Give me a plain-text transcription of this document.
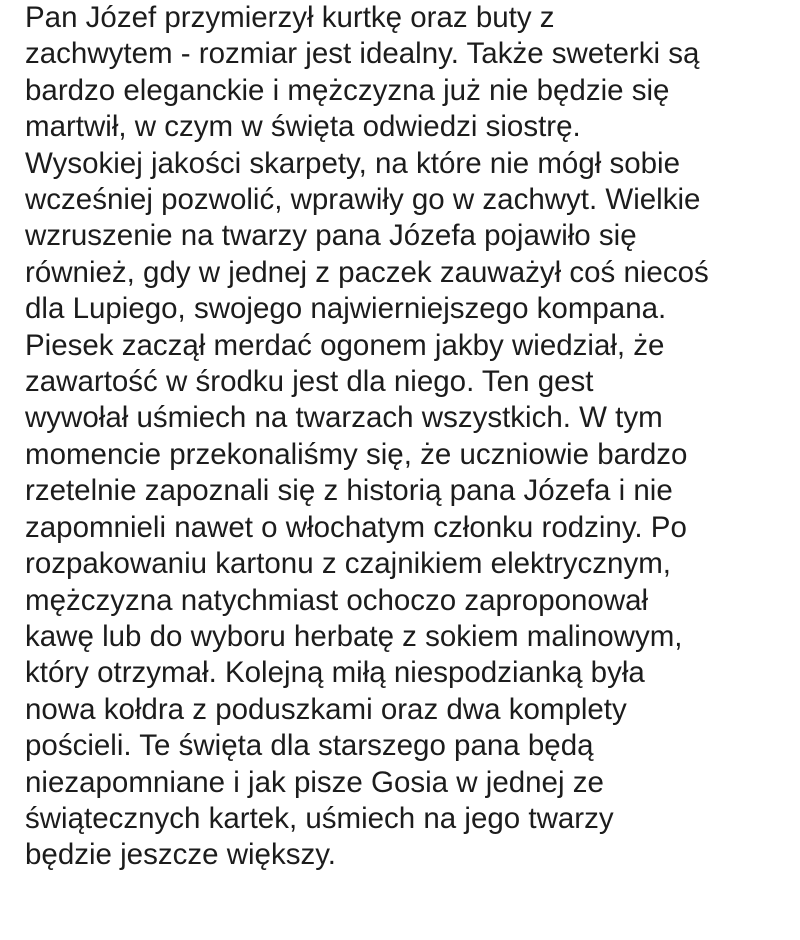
Pan Józef przymierzył kurtkę oraz buty z
zachwytem - rozmiar jest idealny. Także sweterki są
bardzo eleganckie i mężczyzna już nie będzie się
martwił, w czym w święta odwiedzi siostrę.
Wysokiej jakości skarpety, na które nie mógł sobie
wcześniej pozwolić, wprawiły go w zachwyt. Wielkie
wzruszenie na twarzy pana Józefa pojawiło się
również, gdy w jednej z paczek zauważył coś niecoś
dla Lupiego, swojego najwierniejszego kompana.
Piesek zaczął merdać ogonem jakby wiedział, że
zawartość w środku jest dla niego. Ten gest
wywołał uśmiech na twarzach wszystkich. W tym
momencie przekonaliśmy się, że uczniowie bardzo
rzetelnie zapoznali się z historią pana Józefa i nie
zapomnieli nawet o włochatym członku rodziny. Po
rozpakowaniu kartonu z czajnikiem elektrycznym,
mężczyzna natychmiast ochoczo zaproponował
kawę lub do wyboru herbatę z sokiem malinowym,
który otrzymał. Kolejną miłą niespodzianką była
nowa kołdra z poduszkami oraz dwa komplety
pościeli. Te święta dla starszego pana będą
niezapomniane i jak pisze Gosia w jednej ze
świątecznych kartek, uśmiech na jego twarzy
będzie jeszcze większy.
